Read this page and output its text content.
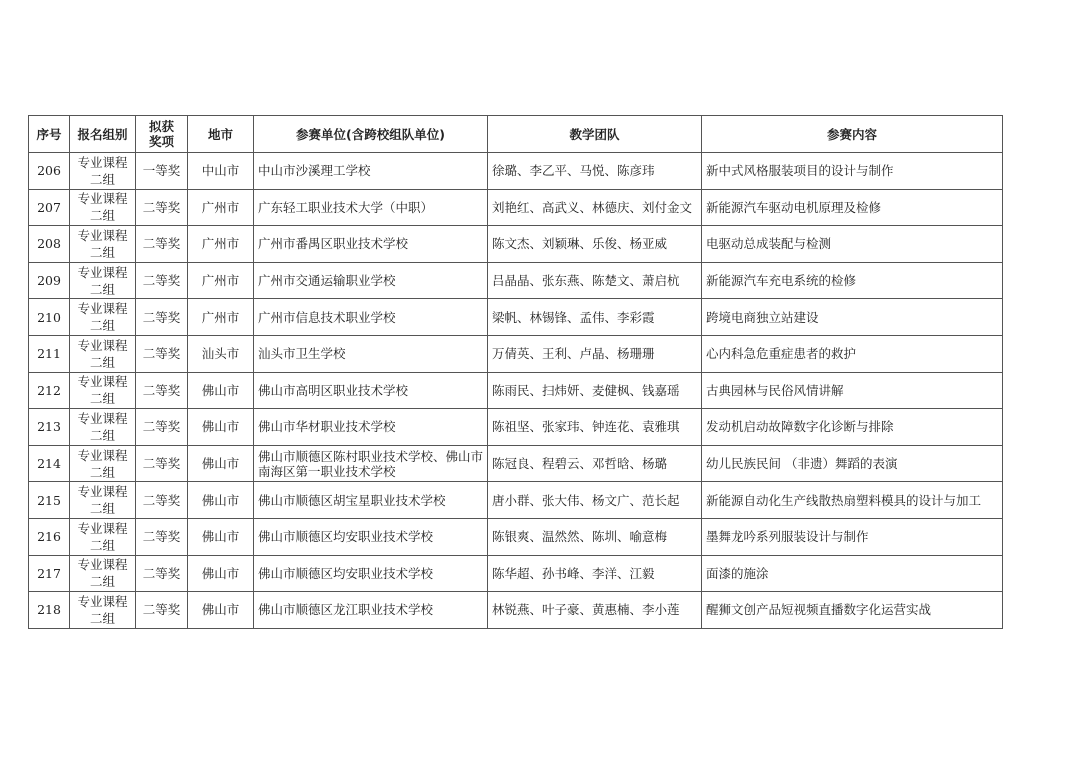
序号	报名组别	拟获奖项	地市	参赛单位(含跨校组队单位)	教学团队	参赛内容
206	专业课程二组	一等奖	中山市	中山市沙溪理工学校	徐璐、李乙平、马悦、陈彦玮	新中式风格服装项目的设计与制作
207	专业课程二组	二等奖	广州市	广东轻工职业技术大学（中职）	刘艳红、高武义、林德庆、刘付金文	新能源汽车驱动电机原理及检修
208	专业课程二组	二等奖	广州市	广州市番禺区职业技术学校	陈文杰、刘颖琳、乐俊、杨亚威	电驱动总成装配与检测
209	专业课程二组	二等奖	广州市	广州市交通运输职业学校	吕晶晶、张东燕、陈楚文、萧启杭	新能源汽车充电系统的检修
210	专业课程二组	二等奖	广州市	广州市信息技术职业学校	梁帆、林锡锋、孟伟、李彩霞	跨境电商独立站建设
211	专业课程二组	二等奖	汕头市	汕头市卫生学校	万倩英、王利、卢晶、杨珊珊	心内科急危重症患者的救护
212	专业课程二组	二等奖	佛山市	佛山市高明区职业技术学校	陈雨民、扫炜妍、麦健枫、钱嘉瑶	古典园林与民俗风情讲解
213	专业课程二组	二等奖	佛山市	佛山市华材职业技术学校	陈祖坚、张家玮、钟连花、袁雅琪	发动机启动故障数字化诊断与排除
214	专业课程二组	二等奖	佛山市	佛山市顺德区陈村职业技术学校、佛山市南海区第一职业技术学校	陈冠良、程碧云、邓哲晗、杨璐	幼儿民族民间 （非遗）舞蹈的表演
215	专业课程二组	二等奖	佛山市	佛山市顺德区胡宝星职业技术学校	唐小群、张大伟、杨文广、范长起	新能源自动化生产线散热扇塑料模具的设计与加工
216	专业课程二组	二等奖	佛山市	佛山市顺德区均安职业技术学校	陈银爽、温然然、陈圳、喻意梅	墨舞龙吟系列服装设计与制作
217	专业课程二组	二等奖	佛山市	佛山市顺德区均安职业技术学校	陈华超、孙书峰、李洋、江毅	面漆的施涂
218	专业课程二组	二等奖	佛山市	佛山市顺德区龙江职业技术学校	林锐燕、叶子豪、黄惠楠、李小莲	醒狮文创产品短视频直播数字化运营实战
